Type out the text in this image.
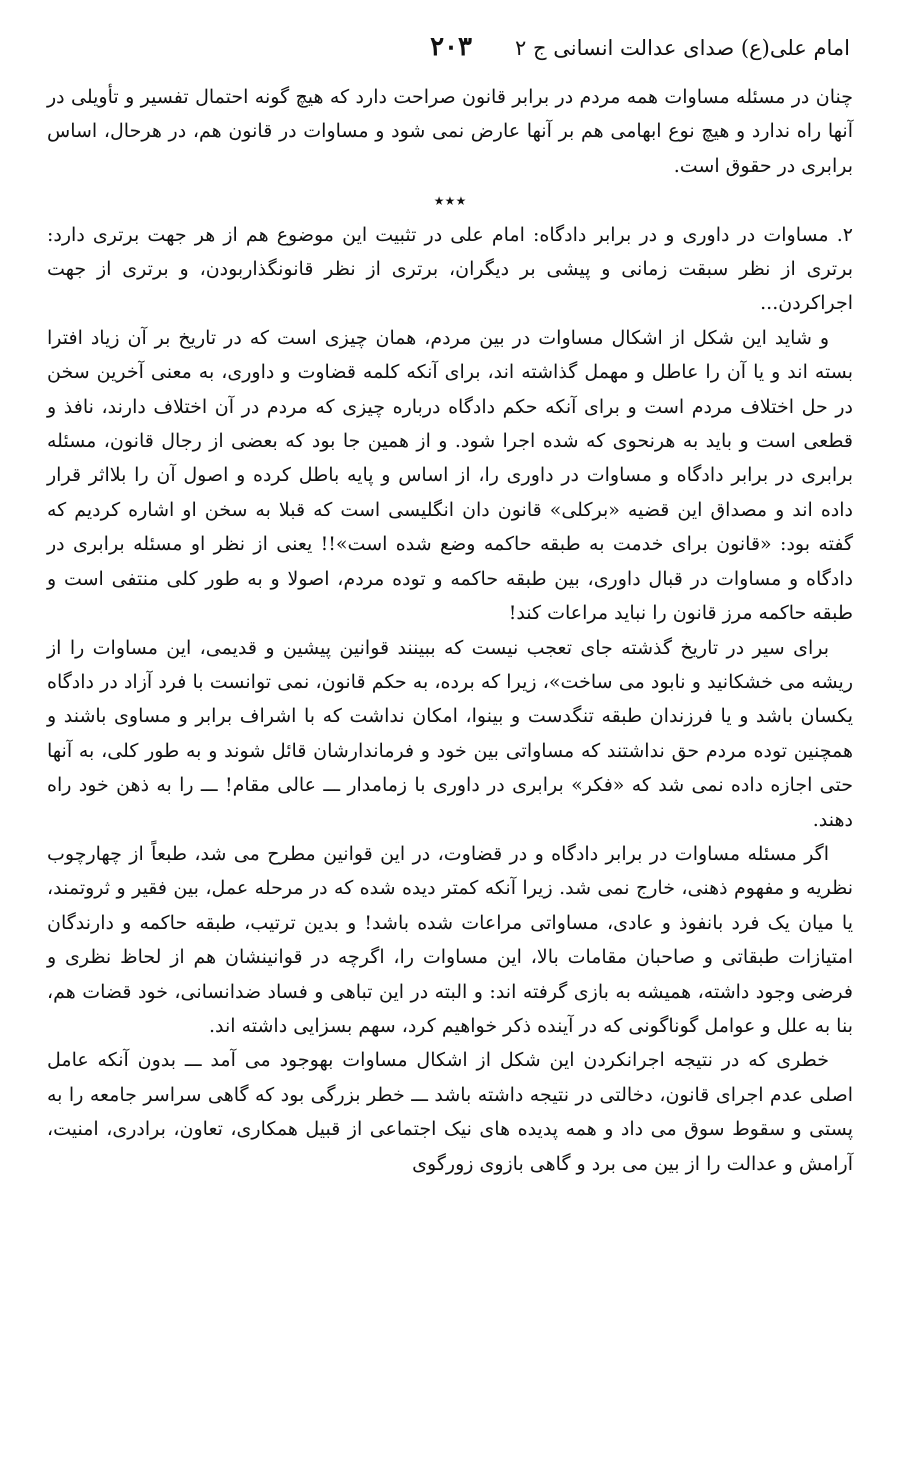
امام علی(ع) صدای عدالت انسانی ج ۲
۲۰۳

چنان در مسئله مساوات همه مردم در برابر قانون صراحت دارد که هیچ گونه احتمال تفسیر و تأویلی در آنها راه ندارد و هیچ نوع ابهامی هم بر آنها عارض نمی شود و مساوات در قانون هم، در هرحال، اساس برابری در حقوق است.

٭٭٭

۲. مساوات در داوری و در برابر دادگاه: امام علی در تثبیت این موضوع هم از هر جهت برتری دارد: برتری از نظر سبقت زمانی و پیشی بر دیگران، برتری از نظر قانونگذاربودن، و برتری از جهت اجراکردن...

و شاید این شکل از اشکال مساوات در بین مردم، همان چیزی است که در تاریخ بر آن زیاد افترا بسته اند و یا آن را عاطل و مهمل گذاشته اند، برای آنکه کلمه قضاوت و داوری، به معنی آخرین سخن در حل اختلاف مردم است و برای آنکه حکم دادگاه درباره چیزی که مردم در آن اختلاف دارند، نافذ و قطعی است و باید به هرنحوی که شده اجرا شود. و از همین جا بود که بعضی از رجال قانون، مسئله برابری در برابر دادگاه و مساوات در داوری را، از اساس و پایه باطل کرده و اصول آن را بلااثر قرار داده اند و مصداق این قضیه «برکلی» قانون دان انگلیسی است که قبلا به سخن او اشاره کردیم که گفته بود: «قانون برای خدمت به طبقه حاکمه وضع شده است»!! یعنی از نظر او مسئله برابری در دادگاه و مساوات در قبال داوری، بین طبقه حاکمه و توده مردم، اصولا و به طور کلی منتفی است و طبقه حاکمه مرز قانون را نباید مراعات کند!

برای سیر در تاریخ گذشته جای تعجب نیست که ببینند قوانین پیشین و قدیمی، این مساوات را از ریشه می خشکانید و نابود می ساخت»، زیرا که برده، به حکم قانون، نمی توانست با فرد آزاد در دادگاه یکسان باشد و یا فرزندان طبقه تنگدست و بینوا، امکان نداشت که با اشراف برابر و مساوی باشند و همچنین توده مردم حق نداشتند که مساواتی بین خود و فرماندارشان قائل شوند و به طور کلی، به آنها حتی اجازه داده نمی شد که «فکر» برابری در داوری با زمامدار ـــ عالی مقام! ـــ را به ذهن خود راه دهند.

اگر مسئله مساوات در برابر دادگاه و در قضاوت، در این قوانین مطرح می شد، طبعاً از چهارچوب نظریه و مفهوم ذهنی، خارج نمی شد. زیرا آنکه کمتر دیده شده که در مرحله عمل، بین فقیر و ثروتمند، یا میان یک فرد بانفوذ و عادی، مساواتی مراعات شده باشد! و بدین ترتیب، طبقه حاکمه و دارندگان امتیازات طبقاتی و صاحبان مقامات بالا، این مساوات را، اگرچه در قوانینشان هم از لحاظ نظری و فرضی وجود داشته، همیشه به بازی گرفته اند: و البته در این تباهی و فساد ضدانسانی، خود قضات هم، بنا به علل و عوامل گوناگونی که در آینده ذکر خواهیم کرد، سهم بسزایی داشته اند.

خطری که در نتیجه اجرانکردن این شکل از اشکال مساوات بهوجود می آمد ـــ بدون آنکه عامل اصلی عدم اجرای قانون، دخالتی در نتیجه داشته باشد ـــ خطر بزرگی بود که گاهی سراسر جامعه را به پستی و سقوط سوق می داد و همه پدیده های نیک اجتماعی از قبیل همکاری، تعاون، برادری، امنیت، آرامش و عدالت را از بین می برد و گاهی بازوی زورگوی
